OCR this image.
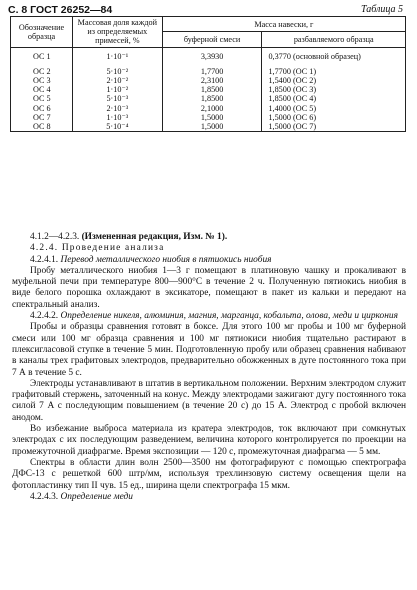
С. 8 ГОСТ 26252—84	Таблица 5
Обозначение образца	Массовая доля каждой из определяемых примесей, %	Масса навески, г	
		буферной смеси	разбавляемого образца
ОС 1	1·10⁻¹	3,3930	0,3770 (основной образец)
ОС 2	5·10⁻²	1,7700	1,7700 (ОС 1)
ОС 3	2·10⁻²	2,3100	1,5400 (ОС 2)
ОС 4	1·10⁻²	1,8500	1,8500 (ОС 3)
ОС 5	5·10⁻³	1,8500	1,8500 (ОС 4)
ОС 6	2·10⁻³	2,1000	1,4000 (ОС 5)
ОС 7	1·10⁻³	1,5000	1,5000 (ОС 6)
ОС 8	5·10⁻⁴	1,5000	1,5000 (ОС 7)

4.1.2—4.2.3. (Измененная редакция, Изм. № 1).

4.2.4. Проведение анализа

4.2.4.1. Перевод металлического ниобия в пятиокись ниобия

Пробу металлического ниобия 1—3 г помещают в платиновую чашку и прокаливают в муфельной печи при температуре 800—900°С в течение 2 ч. Полученную пятиокись ниобия в виде белого порошка охлаждают в эксикаторе, помещают в пакет из кальки и передают на спектральный анализ.

4.2.4.2. Определение никеля, алюминия, магния, марганца, кобальта, олова, меди и циркония

Пробы и образцы сравнения готовят в боксе. Для этого 100 мг пробы и 100 мг буферной смеси или 100 мг образца сравнения и 100 мг пятиокиси ниобия тщательно растирают в плексигласовой ступке в течение 5 мин. Подготовленную пробу или образец сравнения набивают в каналы трех графитовых электродов, предварительно обожженных в дуге постоянного тока при 7 А в течение 5 с.

Электроды устанавливают в штатив в вертикальном положении. Верхним электродом служит графитовый стержень, заточенный на конус. Между электродами зажигают дугу постоянного тока силой 7 А с последующим повышением (в течение 20 с) до 15 А. Электрод с пробой включен анодом.

Во избежание выброса материала из кратера электродов, ток включают при сомкнутых электродах с их последующим разведением, величина которого контролируется по проекции на промежуточной диафрагме. Время экспозиции — 120 с, промежуточная диафрагма — 5 мм.

Спектры в области длин волн 2500—3500 нм фотографируют с помощью спектрографа ДФС-13 с решеткой 600 штр/мм, используя трехлинзовую систему освещения щели на фотопластинку тип II чув. 15 ед., ширина щели спектрографа 15 мкм.

4.2.4.3. Определение меди
